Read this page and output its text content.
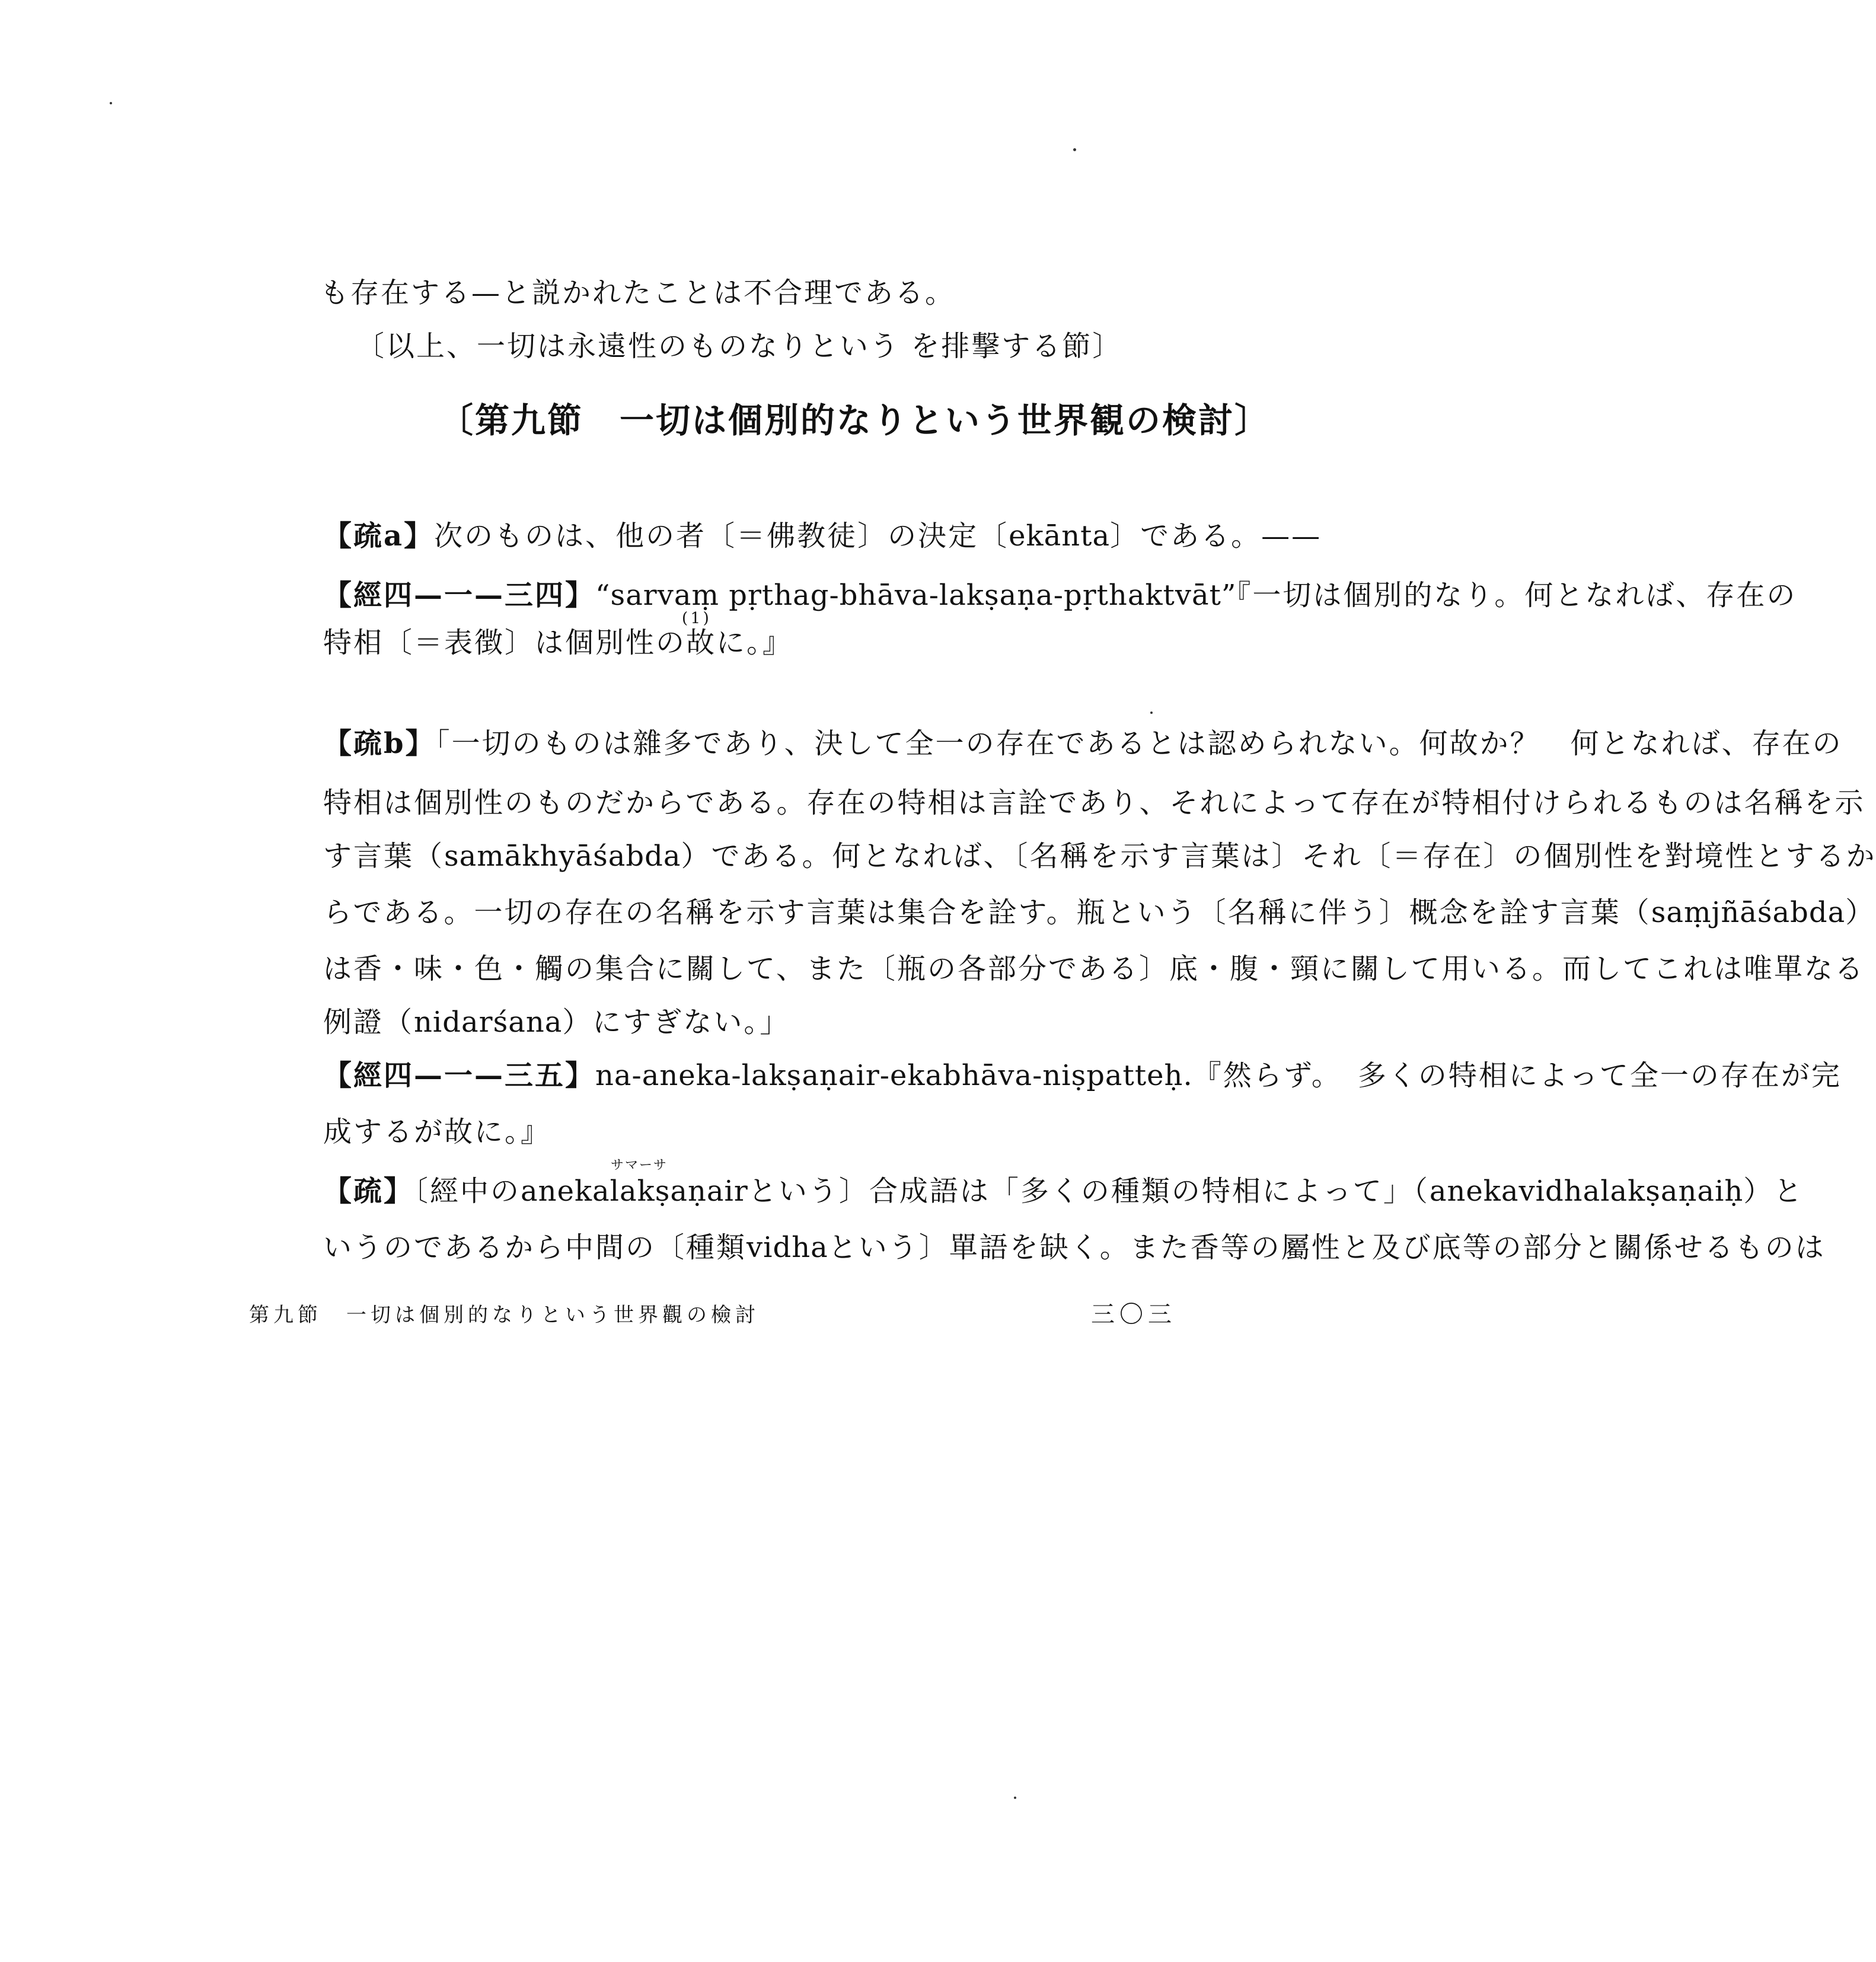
も存在する—と説かれたことは不合理である。
〔以上、一切は永遠性のものなりという を排撃する節〕
〔第九節　一切は個別的なりという世界観の検討〕
【疏a】次のものは、他の者〔＝佛教徒〕の決定〔ekānta〕である。——
【經四—一—三四】“sarvaṃ pṛthag-bhāva-lakṣaṇa-pṛthaktvāt”『一切は個別的なり。何となれば、存在の
特相〔＝表徴〕は個別性の故に。』
(1)
【疏b】「一切のものは雜多であり、決して全一の存在であるとは認められない。何故か？　何となれば、存在の
特相は個別性のものだからである。存在の特相は言詮であり、それによって存在が特相付けられるものは名稱を示
す言葉（samākhyāśabda）である。何となれば、〔名稱を示す言葉は〕それ〔＝存在〕の個別性を對境性とするか
らである。一切の存在の名稱を示す言葉は集合を詮す。瓶という〔名稱に伴う〕概念を詮す言葉（saṃjñāśabda）
は香・味・色・觸の集合に關して、また〔瓶の各部分である〕底・腹・頸に關して用いる。而してこれは唯單なる
例證（nidarśana）にすぎない。」
【經四—一—三五】na-aneka-lakṣaṇair-ekabhāva-niṣpatteḥ.『然らず。　多くの特相によって全一の存在が完
成するが故に。』
【疏】〔經中のanekalakṣaṇairという〕合成語は「多くの種類の特相によって」（anekavidhalakṣaṇaiḥ）と
サマーサ
いうのであるから中間の〔種類vidhaという〕單語を缺く。また香等の屬性と及び底等の部分と關係せるものは
第九節　一切は個別的なりという世界觀の檢討	三〇三
